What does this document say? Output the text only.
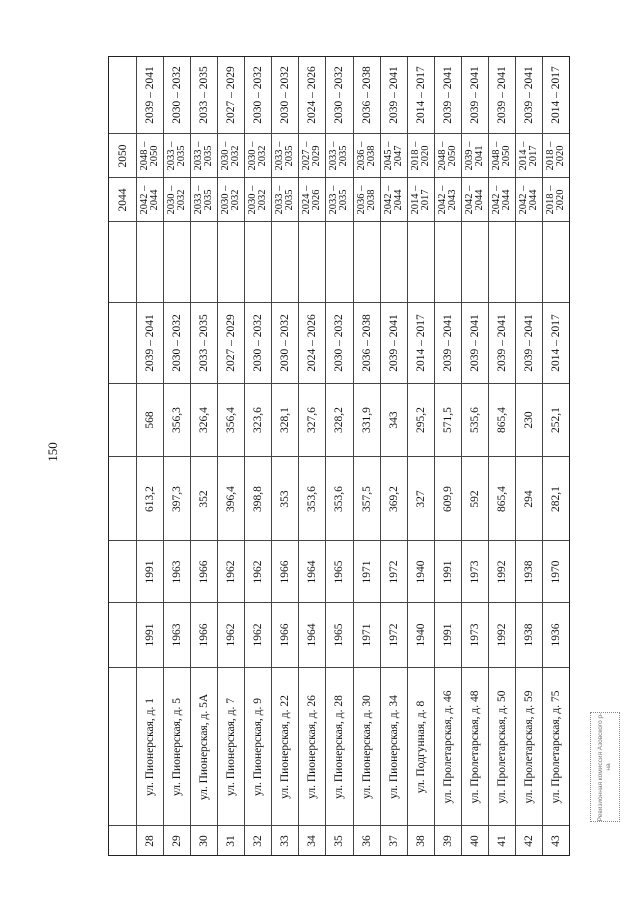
150
2050
2044
2039 – 2041
2048 – 2050
2042 – 2044
2039 – 2041
568
613,2
1991
1991
ул. Пионерская, д. 1
28
2030 – 2032
2033 – 2035
2030 – 2032
2030 – 2032
356,3
397,3
1963
1963
ул. Пионерская, д. 5
29
2033 – 2035
2033 – 2035
2033 – 2035
2033 – 2035
326,4
352
1966
1966
ул. Пионерская, д. 5А
30
2027 – 2029
2030 – 2032
2030 – 2032
2027 – 2029
356,4
396,4
1962
1962
ул. Пионерская, д. 7
31
2030 – 2032
2030 – 2032
2030 – 2032
2030 – 2032
323,6
398,8
1962
1962
ул. Пионерская, д. 9
32
2030 – 2032
2033 – 2035
2033 – 2035
2030 – 2032
328,1
353
1966
1966
ул. Пионерская, д. 22
33
2024 – 2026
2027 – 2029
2024 – 2026
2024 – 2026
327,6
353,6
1964
1964
ул. Пионерская, д. 26
34
2030 – 2032
2033 – 2035
2033 – 2035
2030 – 2032
328,2
353,6
1965
1965
ул. Пионерская, д. 28
35
2036 – 2038
2036 – 2038
2036 – 2038
2036 – 2038
331,9
357,5
1971
1971
ул. Пионерская, д. 30
36
2039 – 2041
2045 – 2047
2042 – 2044
2039 – 2041
343
369,2
1972
1972
ул. Пионерская, д. 34
37
2014 – 2017
2018 – 2020
2014 – 2017
2014 – 2017
295,2
327
1940
1940
ул. Подгунная, д. 8
38
2039 – 2041
2048 – 2050
2042 – 2043
2039 – 2041
571,5
609,9
1991
1991
ул. Пролетарская, д. 46
39
2039 – 2041
2039 – 2041
2042 – 2044
2039 – 2041
535,6
592
1973
1973
ул. Пролетарская, д. 48
40
2039 – 2041
2048 – 2050
2042 – 2044
2039 – 2041
865,4
865,4
1992
1992
ул. Пролетарская, д. 50
41
2039 – 2041
2014 – 2017
2042 – 2044
2039 – 2041
230
294
1938
1938
ул. Пролетарская, д. 59
42
2014 – 2017
2018 – 2020
2018 – 2020
2014 – 2017
252,1
282,1
1970
1936
ул. Пролетарская, д. 75
43
Ревизионная комиссия Азовского р-на
